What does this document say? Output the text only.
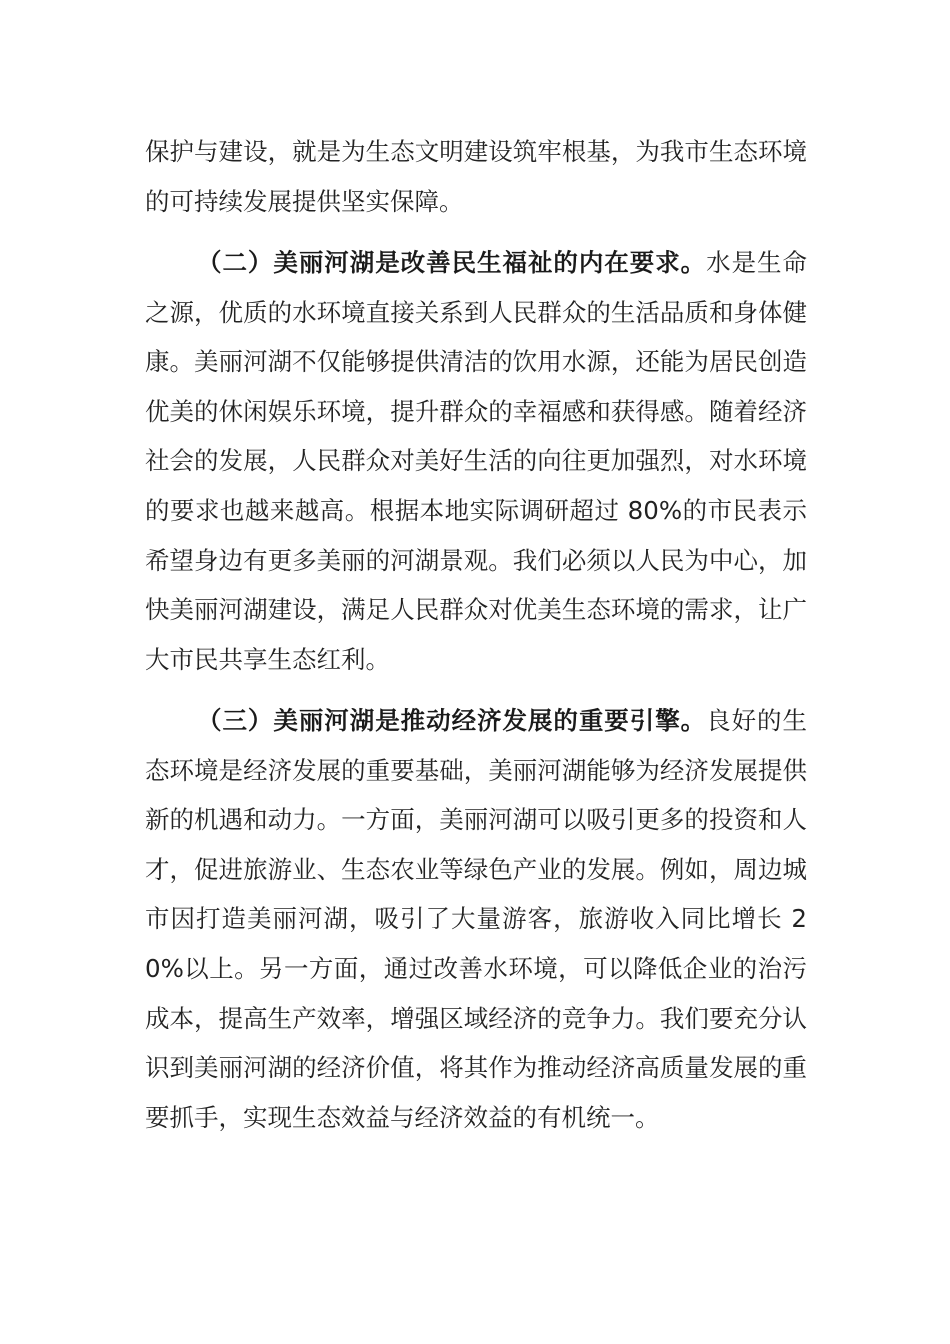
保护与建设，就是为生态文明建设筑牢根基，为我市生态环境的可持续发展提供坚实保障。
（二）美丽河湖是改善民生福祉的内在要求。水是生命之源，优质的水环境直接关系到人民群众的生活品质和身体健康。美丽河湖不仅能够提供清洁的饮用水源，还能为居民创造优美的休闲娱乐环境，提升群众的幸福感和获得感。随着经济社会的发展，人民群众对美好生活的向往更加强烈，对水环境的要求也越来越高。根据本地实际调研超过 80%的市民表示希望身边有更多美丽的河湖景观。我们必须以人民为中心，加快美丽河湖建设，满足人民群众对优美生态环境的需求，让广大市民共享生态红利。
（三）美丽河湖是推动经济发展的重要引擎。良好的生态环境是经济发展的重要基础，美丽河湖能够为经济发展提供新的机遇和动力。一方面，美丽河湖可以吸引更多的投资和人才，促进旅游业、生态农业等绿色产业的发展。例如，周边城市因打造美丽河湖，吸引了大量游客，旅游收入同比增长 20%以上。另一方面，通过改善水环境，可以降低企业的治污成本，提高生产效率，增强区域经济的竞争力。我们要充分认识到美丽河湖的经济价值，将其作为推动经济高质量发展的重要抓手，实现生态效益与经济效益的有机统一。
